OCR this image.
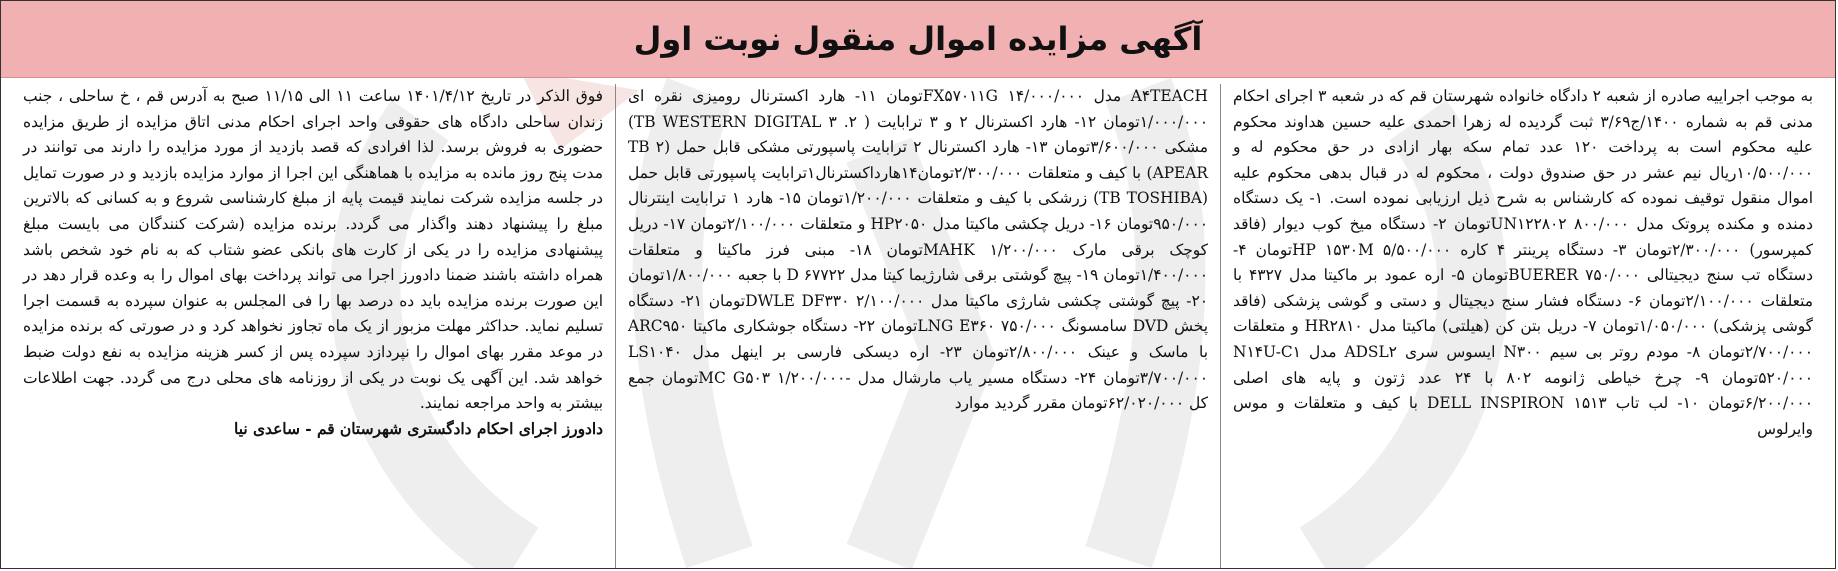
آگهی مزایده اموال منقول نوبت اول
به موجب اجراییه صادره از شعبه ۲ دادگاه خانواده شهرستان قم که در شعبه ۳ اجرای احکام مدنی قم به شماره ۱۴۰۰/ج۳/۶۹ ثبت گردیده له زهرا احمدی علیه حسین هداوند محکوم علیه محکوم است به پرداخت ۱۲۰ عدد تمام سکه بهار ازادی در حق محکوم له و ۱۰/۵۰۰/۰۰۰ریال نیم عشر در حق صندوق دولت ، محکوم له در قبال بدهی محکوم علیه اموال منقول توقیف نموده که کارشناس به شرح ذیل ارزیابی نموده است. ۱- یک دستگاه دمنده و مکنده پروتک مدل UN۱۲۲۸۰۲ ۸۰۰/۰۰۰تومان ۲- دستگاه میخ کوب دیوار (فاقد کمپرسور) ۲/۳۰۰/۰۰۰تومان ۳- دستگاه پرینتر ۴ کاره HP ۱۵۳۰M ۵/۵۰۰/۰۰۰تومان ۴- دستگاه تب سنج دیجیتالی BUERER ۷۵۰/۰۰۰تومان ۵- اره عمود بر ماکیتا مدل ۴۳۲۷ با متعلقات ۲/۱۰۰/۰۰۰تومان ۶- دستگاه فشار سنج دیجیتال و دستی و گوشی پزشکی (فاقد گوشی پزشکی) ۱/۰۵۰/۰۰۰تومان ۷- دریل بتن کن (هیلتی) ماکیتا مدل HR۲۸۱۰ و متعلقات ۲/۷۰۰/۰۰۰تومان ۸- مودم روتر بی سیم N۳۰۰ ایسوس سری ADSL۲ مدل N۱۴U-C۱ ۵۲۰/۰۰۰تومان ۹- چرخ خیاطی ژانومه ۸۰۲ با ۲۴ عدد ژتون و پایه های اصلی ۶/۲۰۰/۰۰۰تومان ۱۰- لب تاب DELL INSPIRON ۱۵۱۳ با کیف و متعلقات و موس وایرلوس
A۴TEACH مدل FX۵۷۰۱۱G ۱۴/۰۰۰/۰۰۰تومان ۱۱- هارد اکسترنال رومیزی نقره ای ۱/۰۰۰/۰۰۰تومان ۱۲- هارد اکسترنال ۲ و ۳ ترابایت ( ۲. ۳ TB WESTERN DIGITAL) مشکی ۳/۶۰۰/۰۰۰تومان ۱۳- هارد اکسترنال ۲ ترابایت پاسپورتی مشکی قابل حمل (۲ TB APEAR) با کیف و متعلقات ۲/۳۰۰/۰۰۰تومان۱۴هارداکسترنال۱ترابایت پاسپورتی قابل حمل (TB TOSHIBA) زرشکی با کیف و متعلقات ۱/۲۰۰/۰۰۰تومان ۱۵- هارد ۱ ترابایت اینترنال ۹۵۰/۰۰۰تومان ۱۶- دریل چکشی ماکیتا مدل HP۲۰۵۰ و متعلقات ۲/۱۰۰/۰۰۰تومان ۱۷- دریل کوچک برقی مارک MAHK ۱/۲۰۰/۰۰۰تومان ۱۸- مبنی فرز ماکیتا و متعلقات ۱/۴۰۰/۰۰۰تومان ۱۹- پیچ گوشتی برقی شارژیما کیتا مدل D ۶۷۷۲۲ با جعبه ۱/۸۰۰/۰۰۰تومان ۲۰- پیچ گوشتی چکشی شارژی ماکیتا مدل DWLE DF۳۳۰ ۲/۱۰۰/۰۰۰تومان ۲۱- دستگاه پخش DVD سامسونگ LNG E۳۶۰ ۷۵۰/۰۰۰تومان ۲۲- دستگاه جوشکاری ماکیتا ARC۹۵۰ با ماسک و عینک ۲/۸۰۰/۰۰۰تومان ۲۳- اره دیسکی فارسی بر اینهل مدل LS۱۰۴۰ ۳/۷۰۰/۰۰۰تومان ۲۴- دستگاه مسیر یاب مارشال مدل -MC G۵۰۳ ۱/۲۰۰/۰۰۰تومان جمع کل ۶۲/۰۲۰/۰۰۰تومان مقرر گردید موارد
فوق الذکر در تاریخ ۱۴۰۱/۴/۱۲ ساعت ۱۱ الی ۱۱/۱۵ صبح به آدرس قم ، خ ساحلی ، جنب زندان ساحلی دادگاه های حقوقی واحد اجرای احکام مدنی اتاق مزایده از طریق مزایده حضوری به فروش برسد. لذا افرادی که قصد بازدید از مورد مزایده را دارند می توانند در مدت پنج روز مانده به مزایده با هماهنگی این اجرا از موارد مزایده بازدید و در صورت تمایل در جلسه مزایده شرکت نمایند قیمت پایه از مبلغ کارشناسی شروع و به کسانی که بالاترین مبلغ را پیشنهاد دهند واگذار می گردد. برنده مزایده (شرکت کنندگان می بایست مبلغ پیشنهادی مزایده را در یکی از کارت های بانکی عضو شتاب که به نام خود شخص باشد همراه داشته باشند ضمنا دادورز اجرا می تواند پرداخت بهای اموال را به وعده قرار دهد در این صورت برنده مزایده باید ده درصد بها را فی المجلس به عنوان سپرده به قسمت اجرا تسلیم نماید. حداکثر مهلت مزبور از یک ماه تجاوز نخواهد کرد و در صورتی که برنده مزایده در موعد مقرر بهای اموال را نپردازد سپرده پس از کسر هزینه مزایده به نفع دولت ضبط خواهد شد. این آگهی یک نوبت در یکی از روزنامه های محلی درج می گردد. جهت اطلاعات بیشتر به واحد مراجعه نمایند.
دادورز اجرای احکام دادگستری شهرستان قم - ساعدی نیا
